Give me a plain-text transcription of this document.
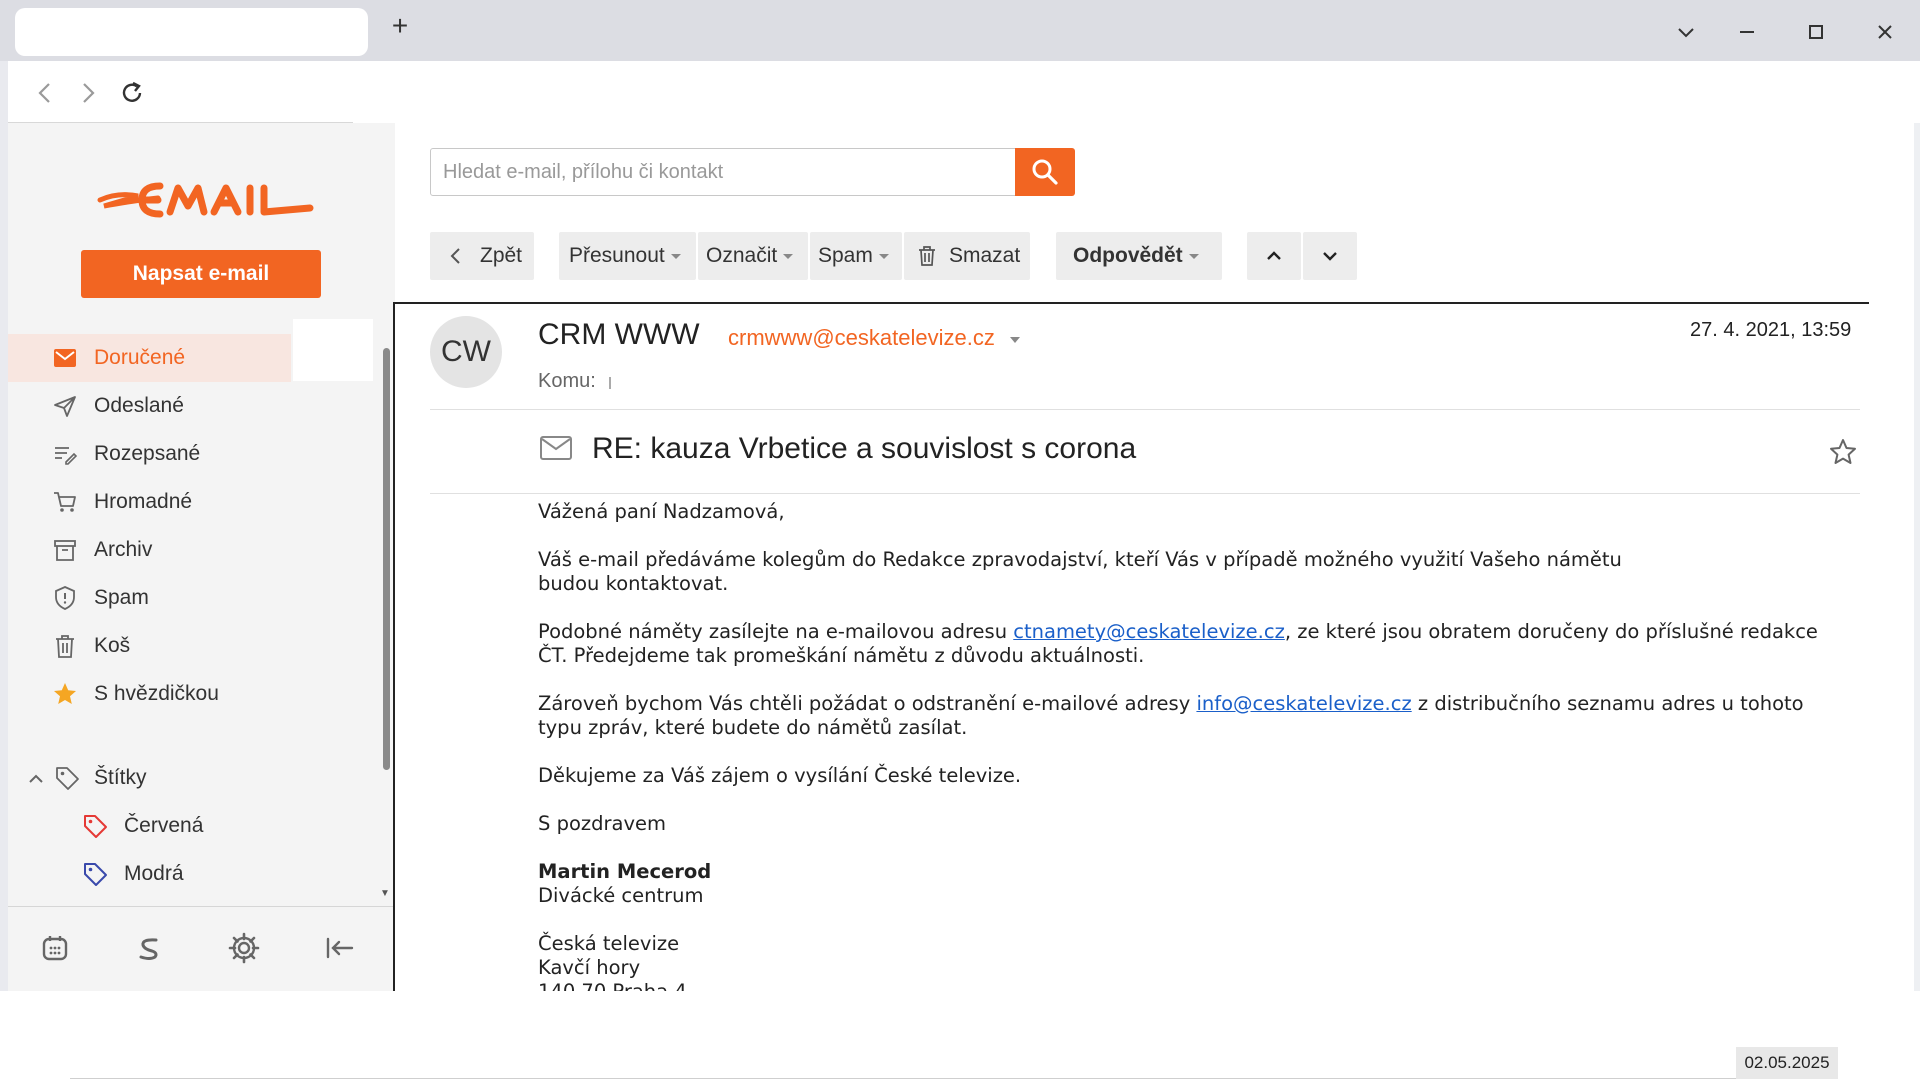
+
Napsat e-mail
Doručené
Odeslané
Rozepsané
Hromadné
Archiv
Spam
Koš
S hvězdičkou
Štítky
Červená
Modrá
▼
Hledat e-mail, přílohu či kontakt
Zpět	Přesunout	Označit	Spam	Smazat	Odpovědět
CW
CRM WWW crmwww@ceskatelevize.cz	27. 4. 2021, 13:59
Komu:
RE: kauza Vrbetice a souvislost s corona

Vážená paní Nadzamová,

Váš e-mail předáváme kolegům do Redakce zpravodajství, kteří Vás v případě možného využití Vašeho námětu
budou kontaktovat.

Podobné náměty zasílejte na e-mailovou adresu ctnamety@ceskatelevize.cz, ze které jsou obratem doručeny do příslušné redakce
ČT. Předejdeme tak promeškání námětu z důvodu aktuálnosti.

Zároveň bychom Vás chtěli požádat o odstranění e-mailové adresy info@ceskatelevize.cz z distribučního seznamu adres u tohoto
typu zpráv, které budete do námětů zasílat.

Děkujeme za Váš zájem o vysílání České televize.

S pozdravem

Martin Mecerod
Divácké centrum

Česká televize
Kavčí hory

02.05.2025
